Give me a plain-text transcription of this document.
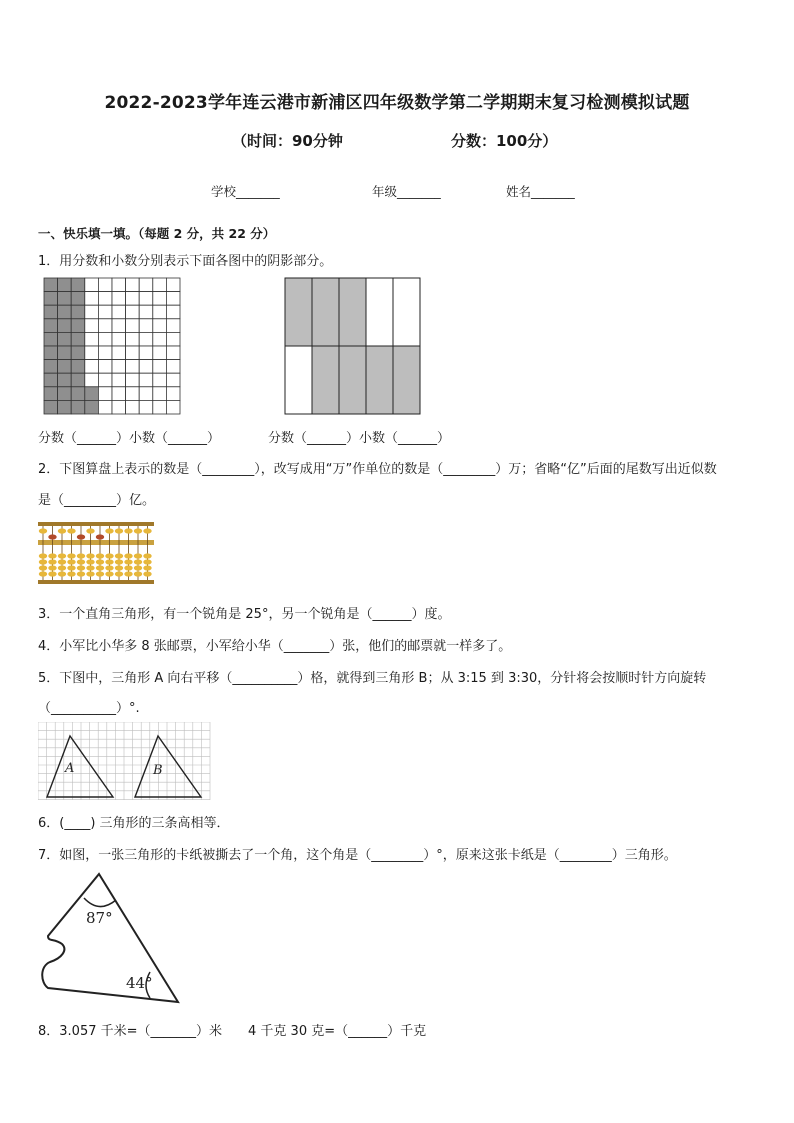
2022-2023学年连云港市新浦区四年级数学第二学期期末复习检测模拟试题
（时间：90分钟	分数：100分）
学校_______	年级_______	姓名_______
一、快乐填一填。（每题 2 分，共 22 分）
1．用分数和小数分别表示下面各图中的阴影部分。
分数（______）小数（______）	分数（______）小数（______）
2．下图算盘上表示的数是（________），改写成用“万”作单位的数是（________）万；省略“亿”后面的尾数写出近似数
是（________）亿。
3．一个直角三角形，有一个锐角是 25°，另一个锐角是（______）度。
4．小军比小华多 8 张邮票，小军给小华（_______）张，他们的邮票就一样多了。
5．下图中，三角形 A 向右平移（__________）格，就得到三角形 B；从 3:15 到 3:30，分针将会按顺时针方向旋转
（__________）°.
A	B
6．(____) 三角形的三条高相等．
7．如图，一张三角形的卡纸被撕去了一个角，这个角是（________）°，原来这张卡纸是（________）三角形。
87°
44°
8．3.057 千米=（_______）米　　4 千克 30 克=（______）千克
